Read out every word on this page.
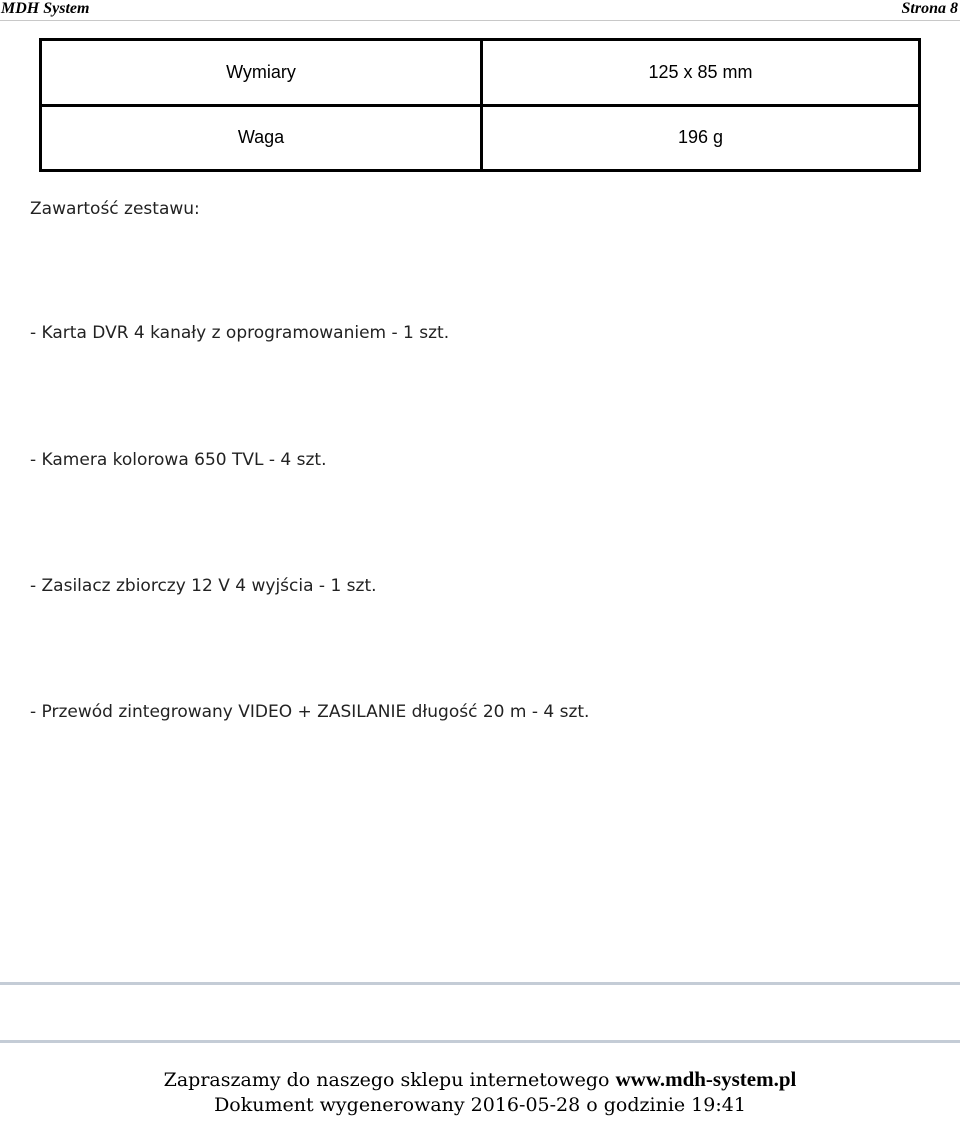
MDH System	Strona 8
Wymiary	125 x 85 mm
Waga	196 g
Zawartość zestawu:
- Karta DVR 4 kanały z oprogramowaniem - 1 szt.
- Kamera kolorowa 650 TVL - 4 szt.
- Zasilacz zbiorczy 12 V 4 wyjścia - 1 szt.
- Przewód zintegrowany VIDEO + ZASILANIE długość 20 m - 4 szt.
Zapraszamy do naszego sklepu internetowego www.mdh-system.pl
Dokument wygenerowany 2016-05-28 o godzinie 19:41
